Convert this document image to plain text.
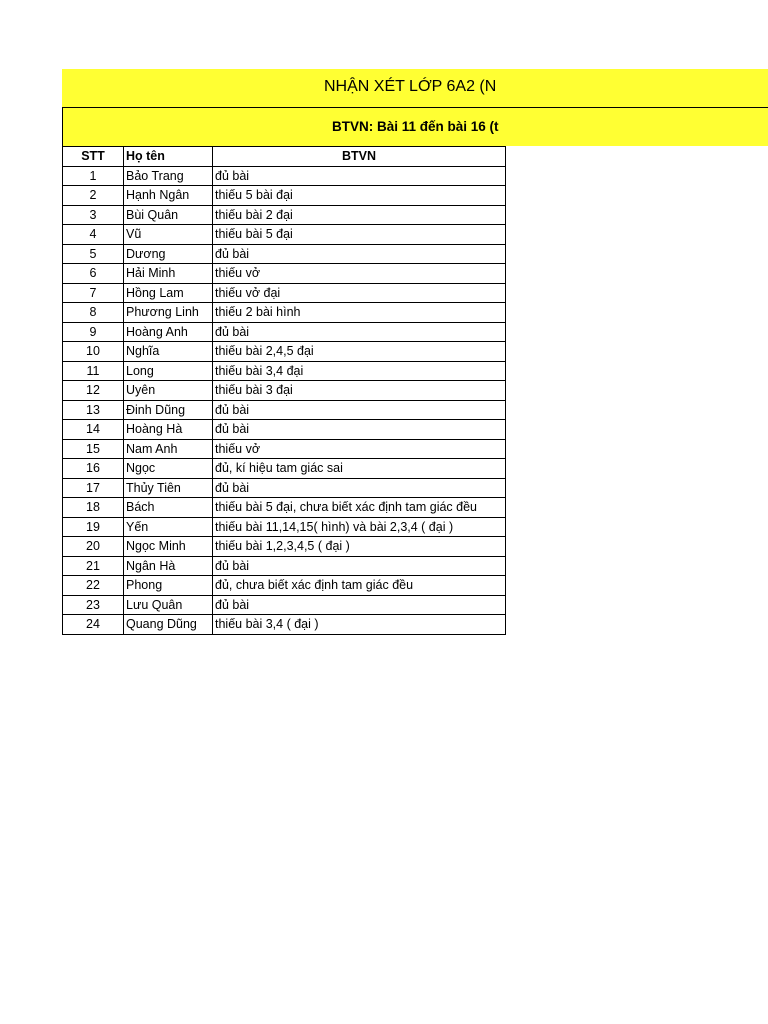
NHẬN XÉT LỚP 6A2 (N
BTVN: Bài 11 đến bài 16 (t
STT	Họ tên	BTVN
1	Bảo Trang	đủ bài
2	Hạnh Ngân	thiếu 5 bài đại
3	Bùi Quân	thiếu bài 2 đại
4	Vũ	thiếu bài 5 đại
5	Dương	đủ bài
6	Hải Minh	thiếu vở
7	Hồng Lam	thiếu vở đại
8	Phương Linh	thiếu 2 bài hình
9	Hoàng Anh	đủ bài
10	Nghĩa	thiếu bài 2,4,5 đại
11	Long	thiếu bài 3,4 đại
12	Uyên	thiếu bài 3 đại
13	Đinh Dũng	đủ bài
14	Hoàng Hà	đủ bài
15	Nam Anh	thiếu vở
16	Ngọc	đủ, kí hiệu tam giác sai
17	Thủy Tiên	đủ bài
18	Bách	thiếu bài 5 đại, chưa biết xác định tam giác đều
19	Yến	thiếu bài 11,14,15( hình) và bài 2,3,4 ( đại )
20	Ngọc Minh	thiếu bài 1,2,3,4,5 ( đại )
21	Ngân Hà	đủ bài
22	Phong	đủ, chưa biết xác định tam giác đều
23	Lưu Quân	đủ bài
24	Quang Dũng	thiếu bài 3,4 ( đại )
